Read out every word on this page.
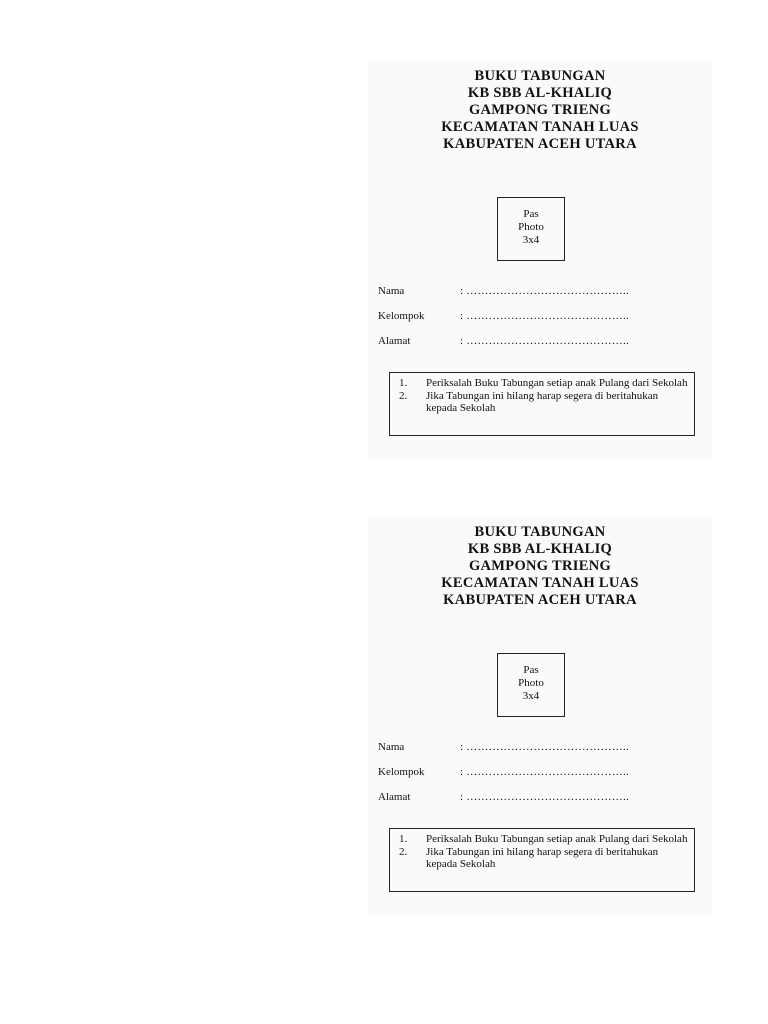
BUKU TABUNGAN
KB SBB AL-KHALIQ
GAMPONG TRIENG
KECAMATAN TANAH LUAS
KABUPATEN ACEH UTARA
Pas
Photo
3x4
Nama	: ……………………………………..
Kelompok	: ……………………………………..
Alamat	: ……………………………………..
1. Periksalah Buku Tabungan setiap anak Pulang dari Sekolah
2. Jika Tabungan ini hilang harap segera di beritahukan kepada Sekolah
BUKU TABUNGAN
KB SBB AL-KHALIQ
GAMPONG TRIENG
KECAMATAN TANAH LUAS
KABUPATEN ACEH UTARA
Pas
Photo
3x4
Nama	: ……………………………………..
Kelompok	: ……………………………………..
Alamat	: ……………………………………..
1. Periksalah Buku Tabungan setiap anak Pulang dari Sekolah
2. Jika Tabungan ini hilang harap segera di beritahukan kepada Sekolah
